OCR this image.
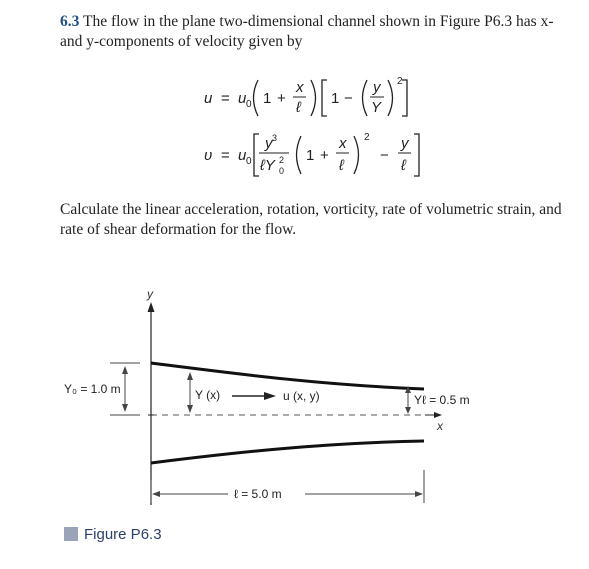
6.3 The flow in the plane two-dimensional channel shown in Figure P6.3 has x- and y-components of velocity given by
u = u 0 1 +
x
ℓ
1 −
y
Y
2
υ = u 0
y 3
ℓY 2
0
1 +
x
ℓ
2
−
y
ℓ
Calculate the linear acceleration, rotation, vorticity, rate of volumetric strain, and rate of shear deformation for the flow.
y
x
Y₀ = 1.0 m	Y (x)	u (x, y)	Yℓ = 0.5 m
ℓ = 5.0 m
Figure P6.3
